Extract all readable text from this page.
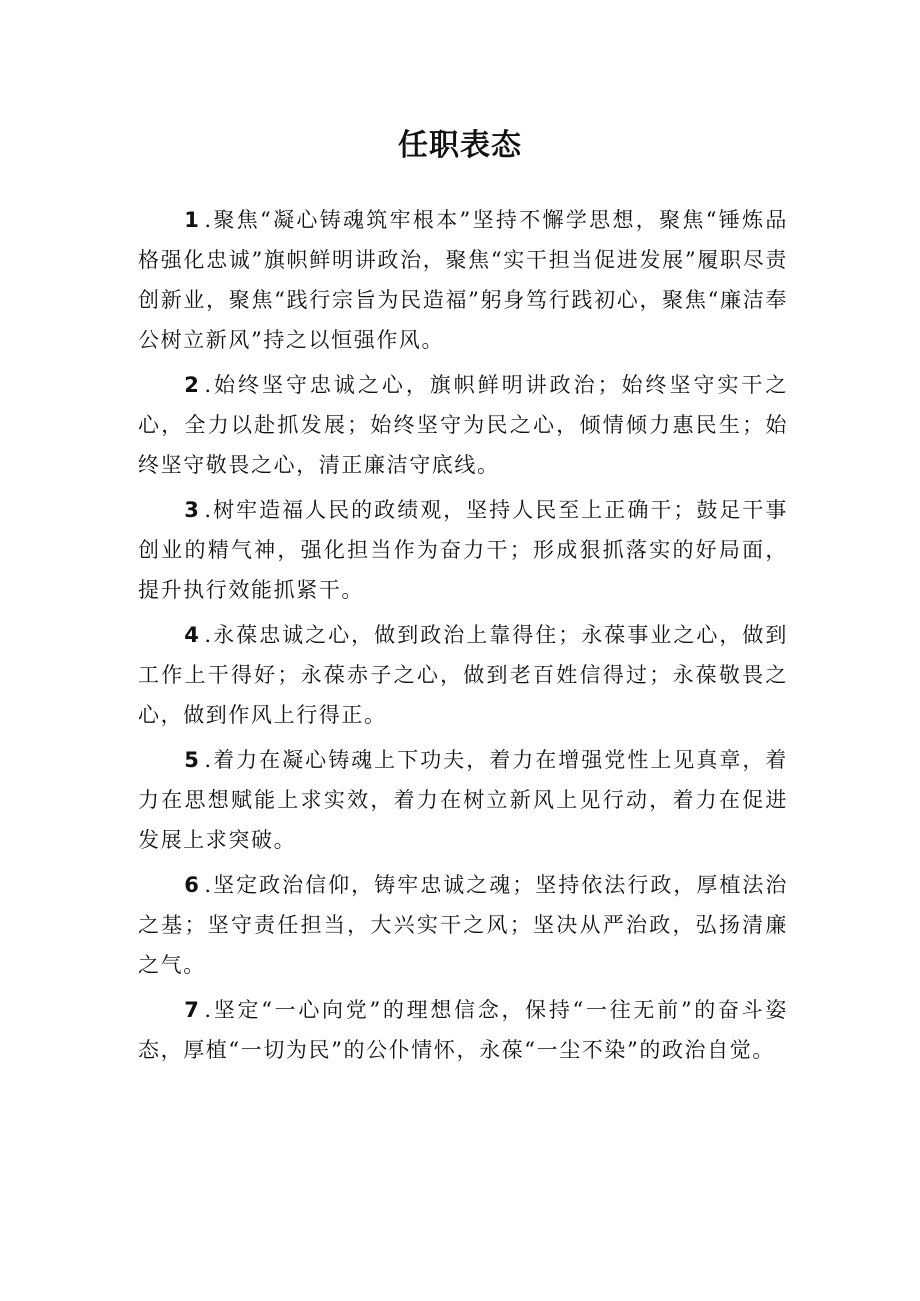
任职表态

1 .聚焦“凝心铸魂筑牢根本”坚持不懈学思想，聚焦“锤炼品格强化忠诚”旗帜鲜明讲政治，聚焦“实干担当促进发展”履职尽责创新业，聚焦“践行宗旨为民造福”躬身笃行践初心，聚焦“廉洁奉公树立新风”持之以恒强作风。

2 .始终坚守忠诚之心，旗帜鲜明讲政治；始终坚守实干之心，全力以赴抓发展；始终坚守为民之心，倾情倾力惠民生；始终坚守敬畏之心，清正廉洁守底线。

3 .树牢造福人民的政绩观，坚持人民至上正确干；鼓足干事创业的精气神，强化担当作为奋力干；形成狠抓落实的好局面，提升执行效能抓紧干。

4 .永葆忠诚之心，做到政治上靠得住；永葆事业之心，做到工作上干得好；永葆赤子之心，做到老百姓信得过；永葆敬畏之心，做到作风上行得正。

5 .着力在凝心铸魂上下功夫，着力在增强党性上见真章，着力在思想赋能上求实效，着力在树立新风上见行动，着力在促进发展上求突破。

6 .坚定政治信仰，铸牢忠诚之魂；坚持依法行政，厚植法治之基；坚守责任担当，大兴实干之风；坚决从严治政，弘扬清廉之气。

7 .坚定“一心向党”的理想信念，保持“一往无前”的奋斗姿态，厚植“一切为民”的公仆情怀，永葆“一尘不染”的政治自觉。
